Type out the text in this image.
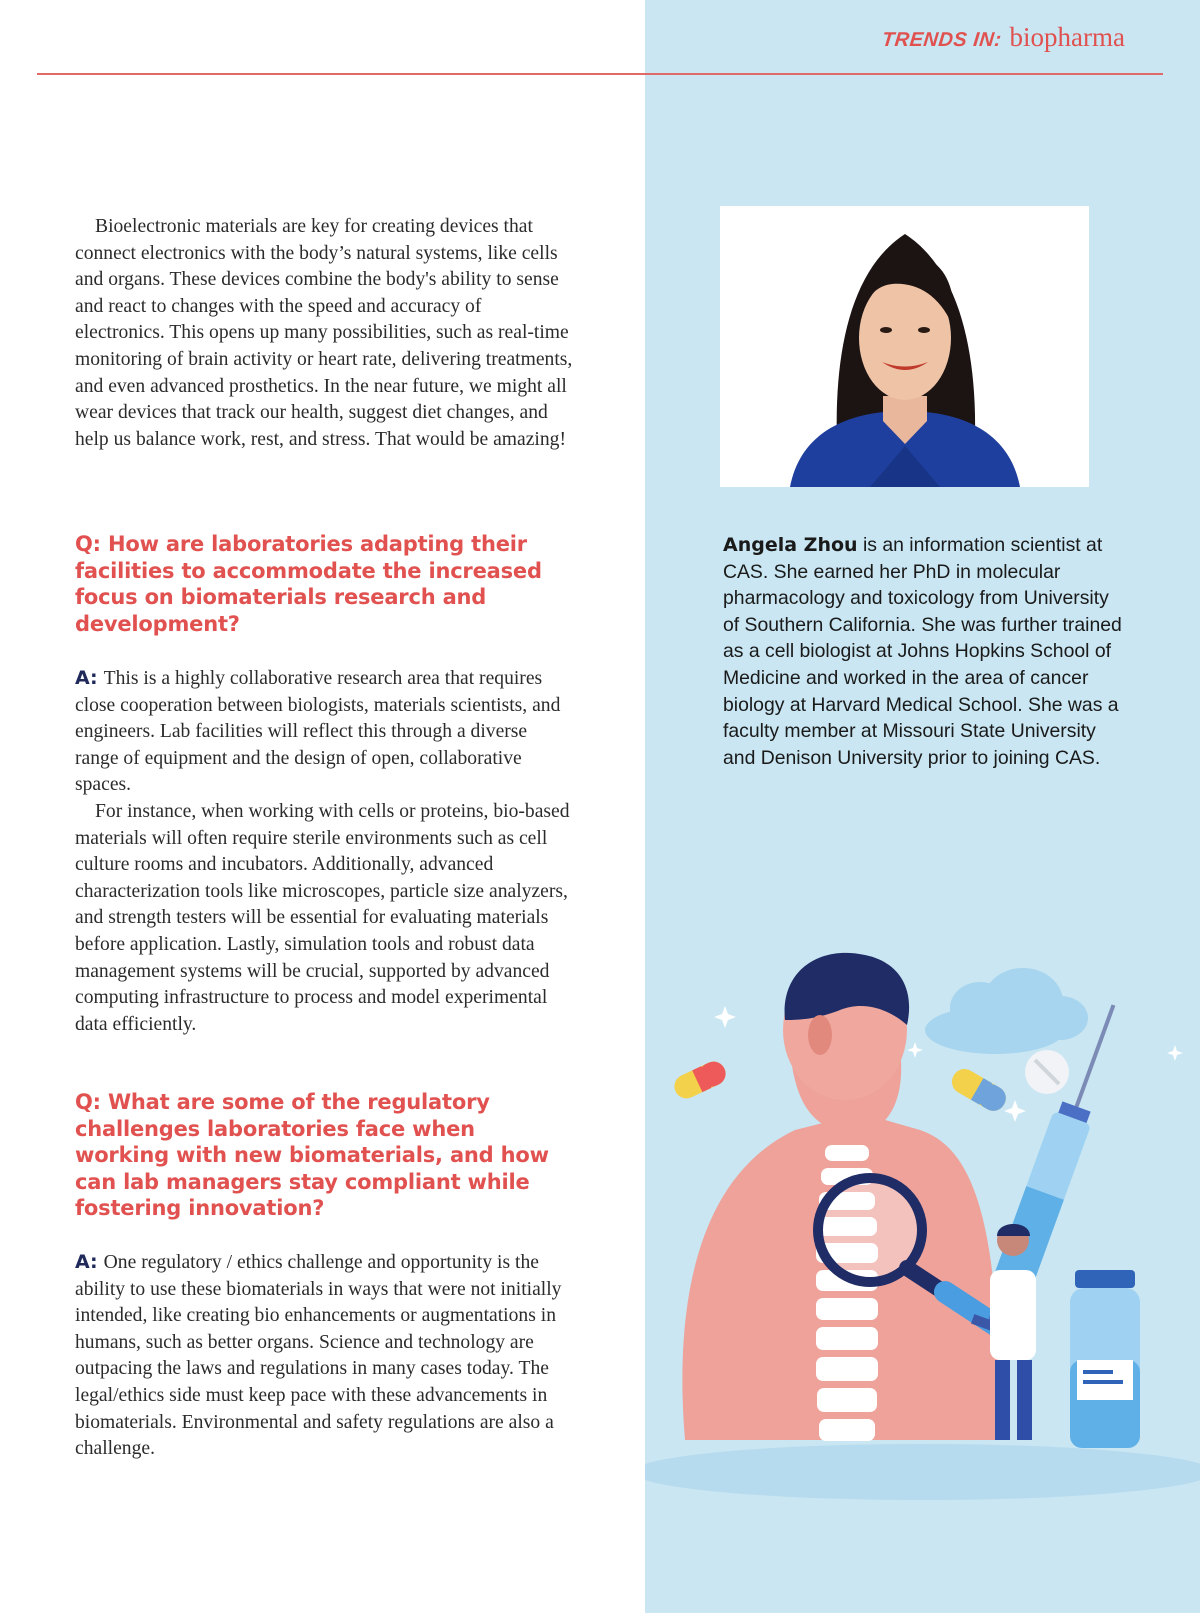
TRENDS IN: biopharma

Bioelectronic materials are key for creating devices that connect electronics with the body’s natural systems, like cells and organs. These devices combine the body's ability to sense and react to changes with the speed and accuracy of electronics. This opens up many possibilities, such as real-time monitoring of brain activity or heart rate, delivering treatments, and even advanced prosthetics. In the near future, we might all wear devices that track our health, suggest diet changes, and help us balance work, rest, and stress. That would be amazing!

Q: How are laboratories adapting their facilities to accommodate the increased focus on biomaterials research and development?

A: This is a highly collaborative research area that requires close cooperation between biologists, materials scientists, and engineers. Lab facilities will reflect this through a diverse range of equipment and the design of open, collaborative spaces.

For instance, when working with cells or proteins, bio-based materials will often require sterile environments such as cell culture rooms and incubators. Additionally, advanced characterization tools like microscopes, particle size analyzers, and strength testers will be essential for evaluating materials before application. Lastly, simulation tools and robust data management systems will be crucial, supported by advanced computing infrastructure to process and model experimental data efficiently.

Q: What are some of the regulatory challenges laboratories face when working with new biomaterials, and how can lab managers stay compliant while fostering innovation?

A: One regulatory / ethics challenge and opportunity is the ability to use these biomaterials in ways that were not initially intended, like creating bio enhancements or augmentations in humans, such as better organs. Science and technology are outpacing the laws and regulations in many cases today. The legal/ethics side must keep pace with these advancements in biomaterials. Environmental and safety regulations are also a challenge.

Angela Zhou is an information scientist at CAS. She earned her PhD in molecular pharmacology and toxicology from University of Southern California. She was further trained as a cell biologist at Johns Hopkins School of Medicine and worked in the area of cancer biology at Harvard Medical School. She was a faculty member at Missouri State University and Denison University prior to joining CAS.
